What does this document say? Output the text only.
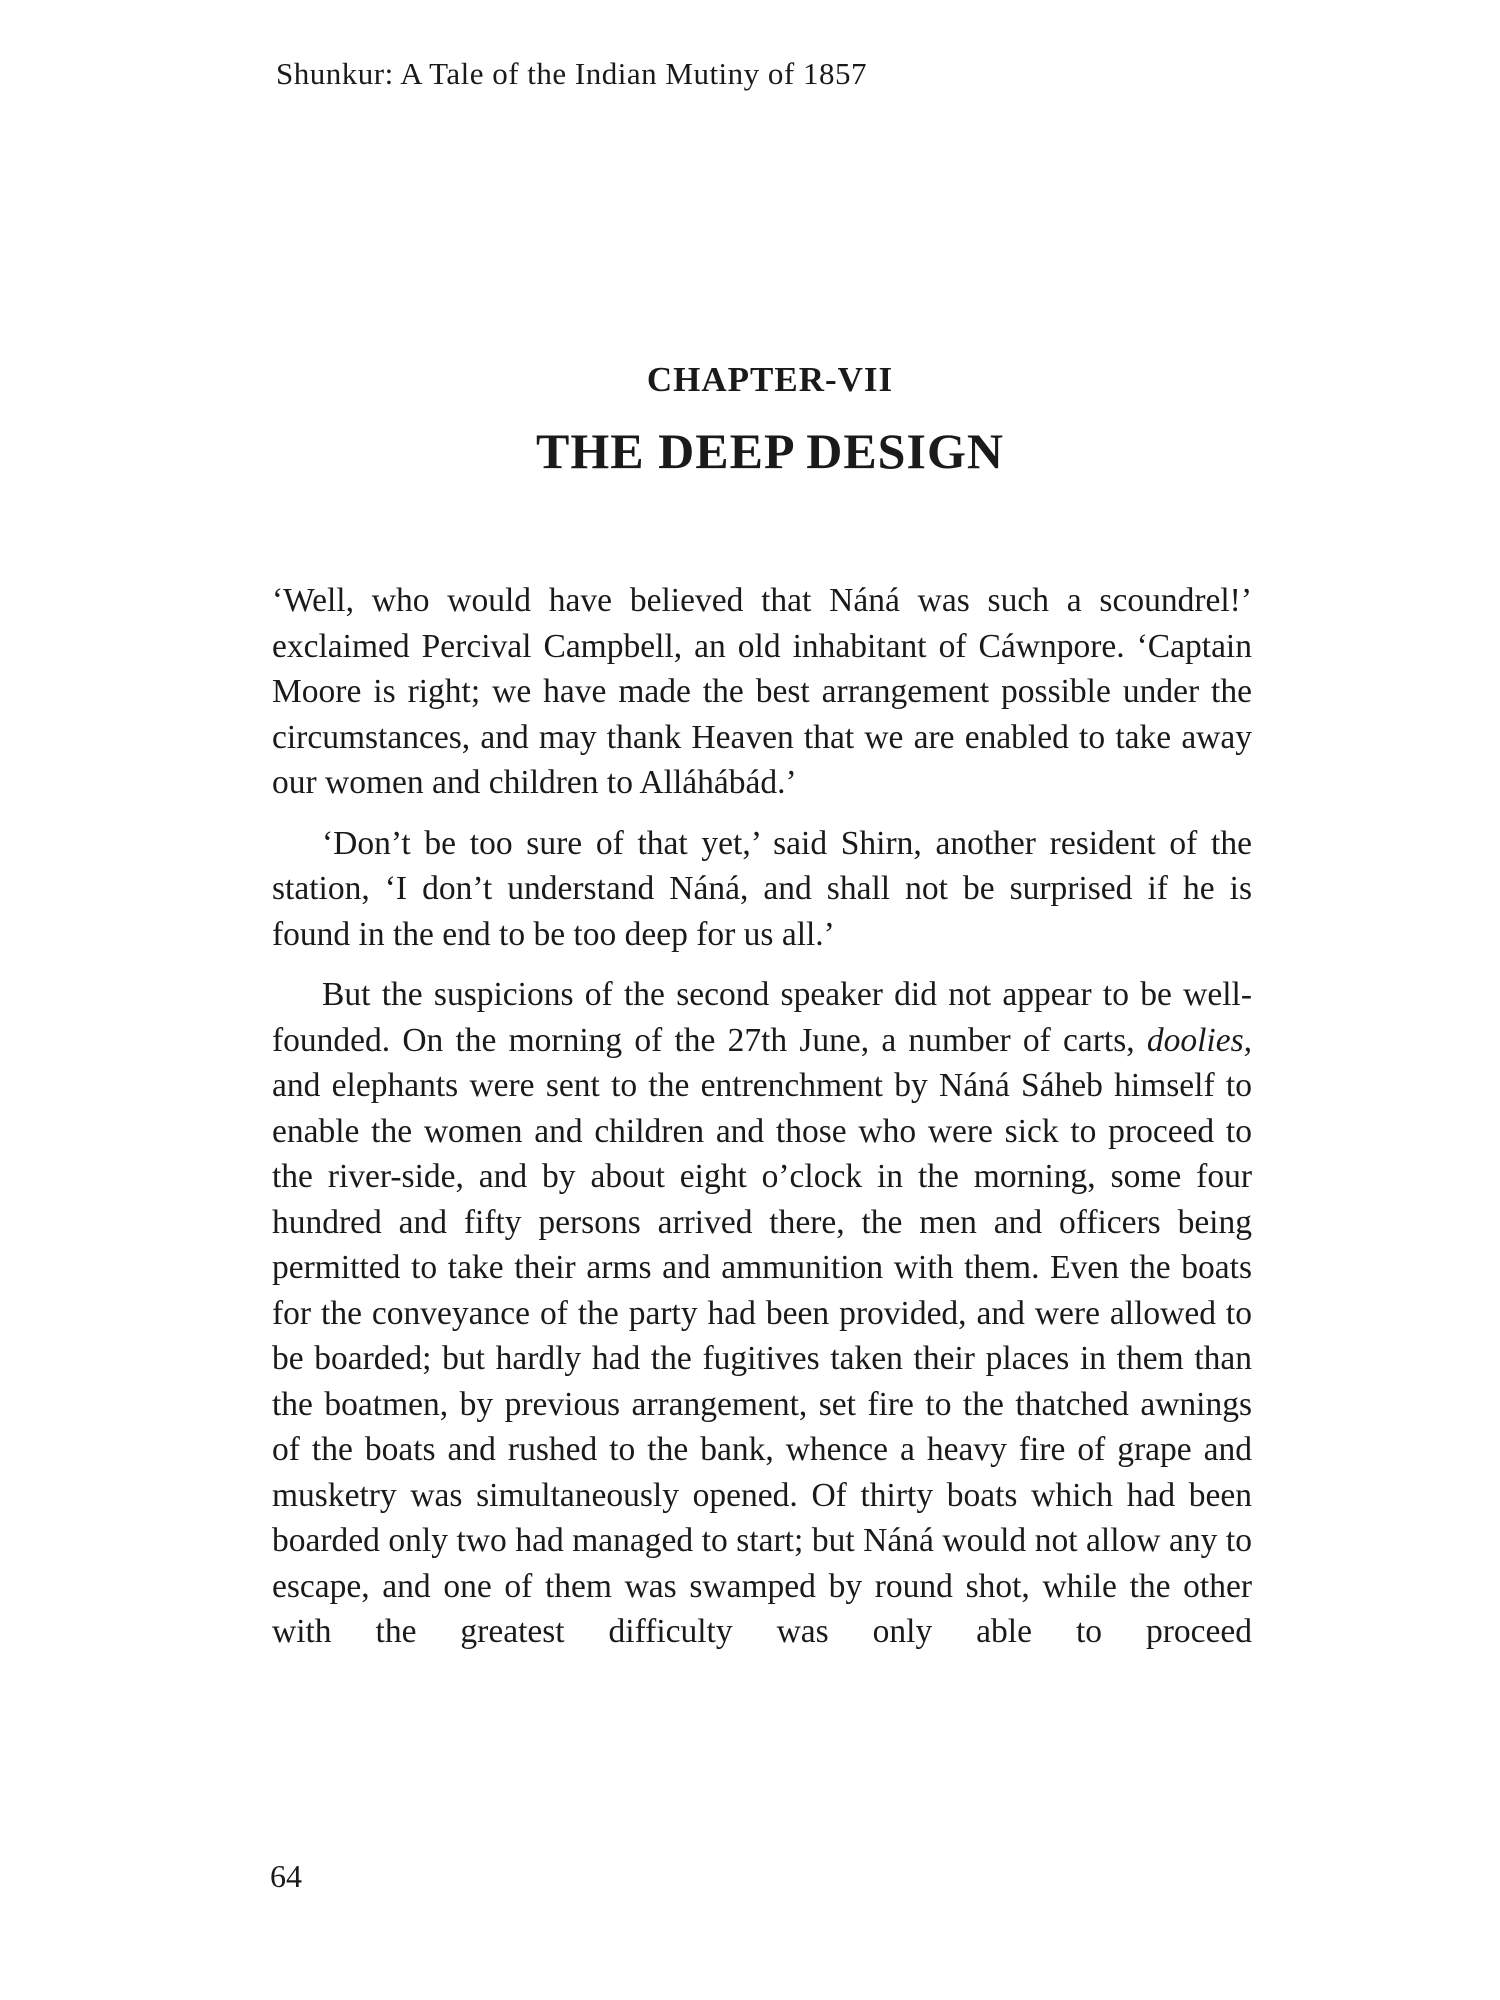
Shunkur: A Tale of the Indian Mutiny of 1857
CHAPTER-VII
THE DEEP DESIGN

‘Well, who would have believed that Náná was such a scoundrel!’ exclaimed Percival Campbell, an old inhabitant of Cáwnpore. ‘Captain Moore is right; we have made the best arrangement possible under the circumstances, and may thank Heaven that we are enabled to take away our women and children to Alláhábád.’

‘Don’t be too sure of that yet,’ said Shirn, another resident of the station, ‘I don’t understand Náná, and shall not be surprised if he is found in the end to be too deep for us all.’

But the suspicions of the second speaker did not appear to be well-founded. On the morning of the 27th June, a number of carts, doolies, and elephants were sent to the entrenchment by Náná Sáheb himself to enable the women and children and those who were sick to proceed to the river-side, and by about eight o’clock in the morning, some four hundred and fifty persons arrived there, the men and officers being permitted to take their arms and ammunition with them. Even the boats for the conveyance of the party had been provided, and were allowed to be boarded; but hardly had the fugitives taken their places in them than the boatmen, by previous arrangement, set fire to the thatched awnings of the boats and rushed to the bank, whence a heavy fire of grape and musketry was simultaneously opened. Of thirty boats which had been boarded only two had managed to start; but Náná would not allow any to escape, and one of them was swamped by round shot, while the other with the greatest difficulty was only able to proceed

64
